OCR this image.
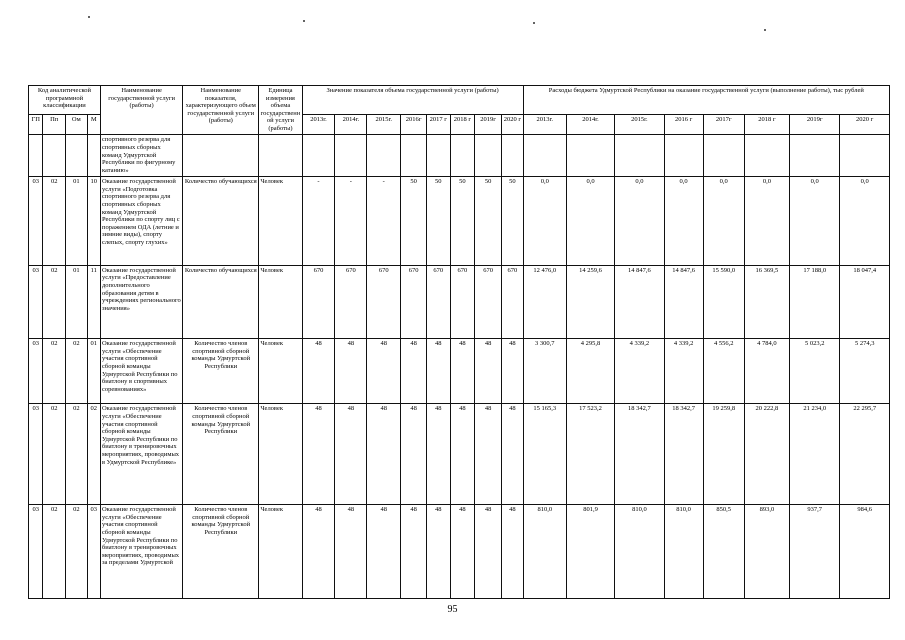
Код аналитической программной классификации				Наименование государственной услуги (работы)	Наименование показателя, характеризующего объем государственной услуги (работы)	Единица измерения объема государственной услуги (работы)	Значение показателя объема государственной услуги (работы)								Расходы бюджета Удмуртской Республики на оказание государственной услуги (выполнение работы), тыс рублей							
ГП	Пп	Ом	М				2013г.	2014г.	2015г.	2016г	2017 г	2018 г	2019г	2020 г	2013г.	2014г.	2015г.	2016 г	2017г	2018 г	2019г	2020 г
				спортивного резерва для спортивных сборных команд Удмуртской Республики по фигурному катанию»																		
03	02	01	10	Оказание государственной услуги «Подготовка спортивного резерва для спортивных сборных команд Удмуртской Республики по спорту лиц с поражением ОДА (летние и зимние виды), спорту слепых, спорту глухих»	Количество обучающихся	Человек	-	-	-	50	50	50	50	50	0,0	0,0	0,0	0,0	0,0	0,0	0,0	0,0
03	02	01	11	Оказание государственной услуги «Предоставление дополнительного образования детям в учреждениях регионального значения»	Количество обучающихся	Человек	670	670	670	670	670	670	670	670	12 476,0	14 259,6	14 847,6	14 847,6	15 590,0	16 369,5	17 188,0	18 047,4
03	02	02	01	Оказание государственной услуги «Обеспечение участия спортивной сборной команды Удмуртской Республики по биатлону в спортивных соревнованиях»	Количество членов спортивной сборной команды Удмуртской Республики	Человек	48	48	48	48	48	48	48	48	3 300,7	4 295,8	4 339,2	4 339,2	4 556,2	4 784,0	5 023,2	5 274,3
03	02	02	02	Оказание государственной услуги «Обеспечение участия спортивной сборной команды Удмуртской Республики по биатлону в тренировочных мероприятиях, проводимых в Удмуртской Республике»	Количество членов спортивной сборной команды Удмуртской Республики	Человек	48	48	48	48	48	48	48	48	15 165,3	17 523,2	18 342,7	18 342,7	19 259,8	20 222,8	21 234,0	22 295,7
03	02	02	03	Оказание государственной услуги «Обеспечение участия спортивной сборной команды Удмуртской Республики по биатлону в тренировочных мероприятиях, проводимых за пределами Удмуртской	Количество членов спортивной сборной команды Удмуртской Республики	Человек	48	48	48	48	48	48	48	48	810,0	801,9	810,0	810,0	850,5	893,0	937,7	984,6
95
